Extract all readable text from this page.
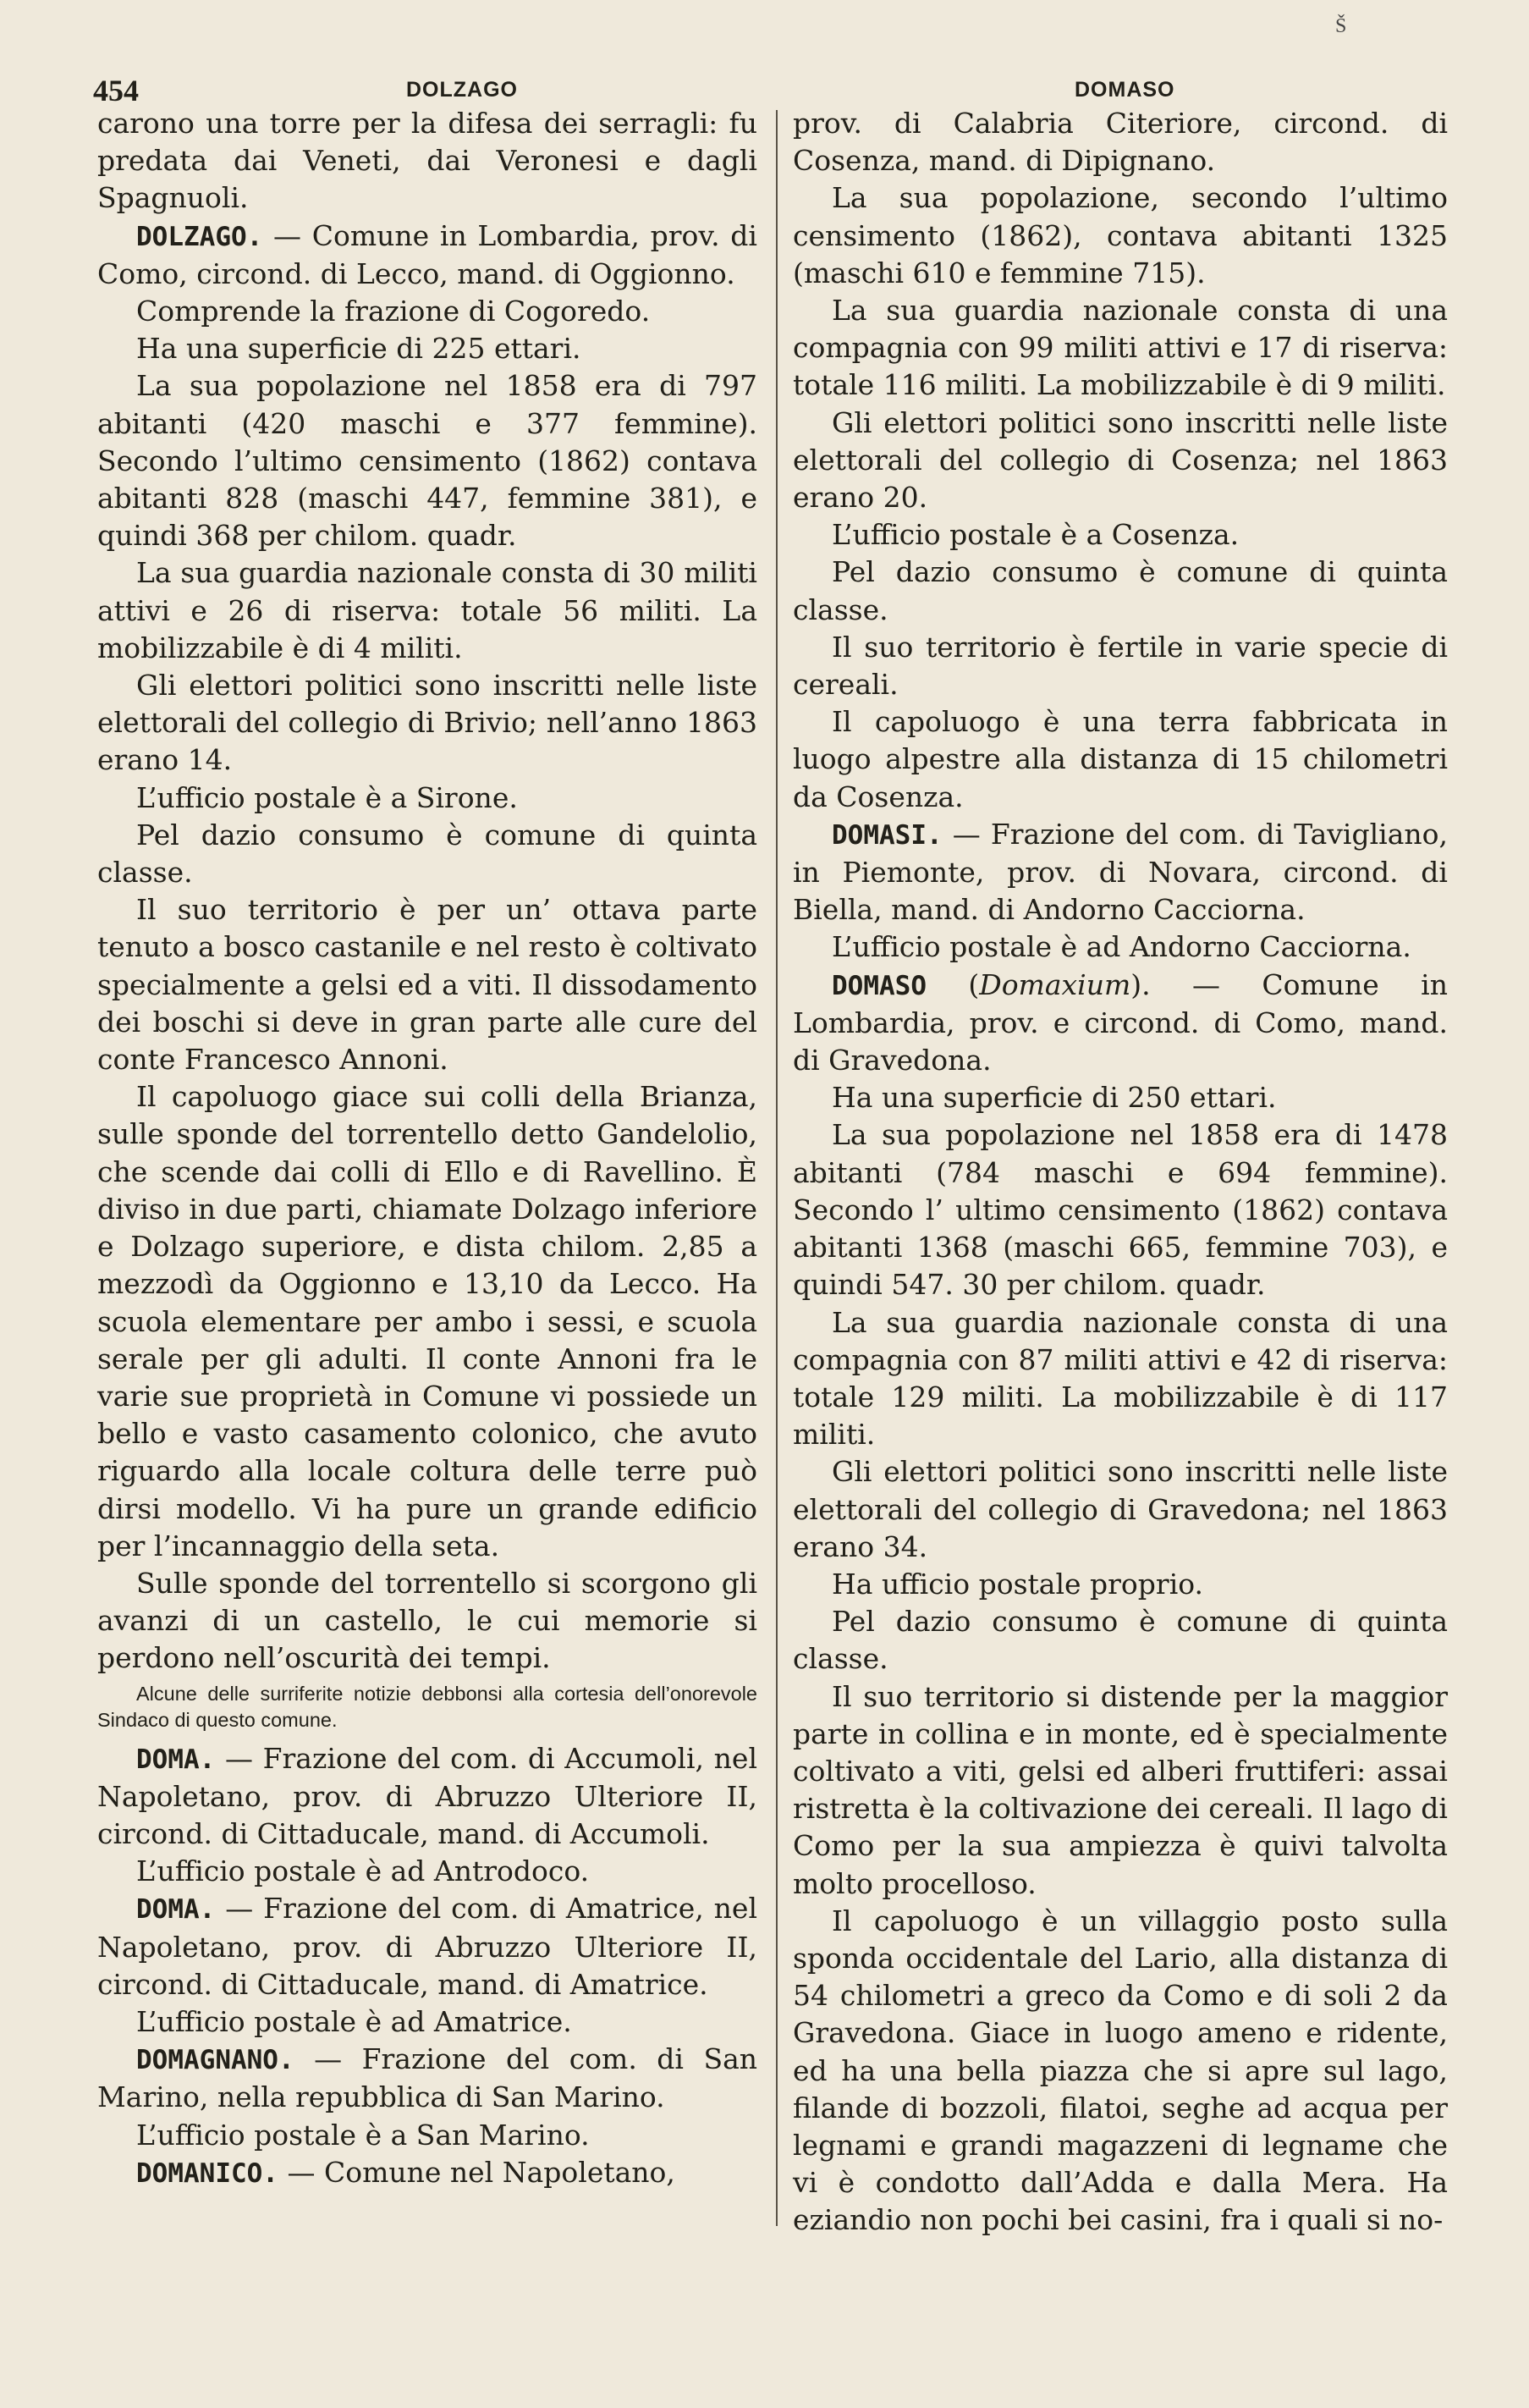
Š
454	DOLZAGO	DOMASO

carono una torre per la difesa dei serragli: fu predata dai Veneti, dai Veronesi e dagli Spagnuoli.

DOLZAGO. — Comune in Lombardia, prov. di Como, circond. di Lecco, mand. di Oggionno.

Comprende la frazione di Cogoredo.

Ha una superficie di 225 ettari.

La sua popolazione nel 1858 era di 797 abitanti (420 maschi e 377 femmine). Secondo l’ultimo censimento (1862) contava abitanti 828 (maschi 447, femmine 381), e quindi 368 per chilom. quadr.

La sua guardia nazionale consta di 30 militi attivi e 26 di riserva: totale 56 militi. La mobilizzabile è di 4 militi.

Gli elettori politici sono inscritti nelle liste elettorali del collegio di Brivio; nell’anno 1863 erano 14.

L’ufficio postale è a Sirone.

Pel dazio consumo è comune di quinta classe.

Il suo territorio è per un’ ottava parte tenuto a bosco castanile e nel resto è coltivato specialmente a gelsi ed a viti. Il dissodamento dei boschi si deve in gran parte alle cure del conte Francesco Annoni.

Il capoluogo giace sui colli della Brianza, sulle sponde del torrentello detto Gandelolio, che scende dai colli di Ello e di Ravellino. È diviso in due parti, chiamate Dolzago inferiore e Dolzago superiore, e dista chilom. 2,85 a mezzodì da Oggionno e 13,10 da Lecco. Ha scuola elementare per ambo i sessi, e scuola serale per gli adulti. Il conte Annoni fra le varie sue proprietà in Comune vi possiede un bello e vasto casamento colonico, che avuto riguardo alla locale coltura delle terre può dirsi modello. Vi ha pure un grande edificio per l’incannaggio della seta.

Sulle sponde del torrentello si scorgono gli avanzi di un castello, le cui memorie si perdono nell’oscurità dei tempi.

Alcune delle surriferite notizie debbonsi alla cortesia dell’onorevole Sindaco di questo comune.

DOMA. — Frazione del com. di Accumoli, nel Napoletano, prov. di Abruzzo Ulteriore II, circond. di Cittaducale, mand. di Accumoli.

L’ufficio postale è ad Antrodoco.

DOMA. — Frazione del com. di Amatrice, nel Napoletano, prov. di Abruzzo Ulteriore II, circond. di Cittaducale, mand. di Amatrice.

L’ufficio postale è ad Amatrice.

DOMAGNANO. — Frazione del com. di San Marino, nella repubblica di San Marino.

L’ufficio postale è a San Marino.

DOMANICO. — Comune nel Napoletano,

prov. di Calabria Citeriore, circond. di Cosenza, mand. di Dipignano.

La sua popolazione, secondo l’ultimo censimento (1862), contava abitanti 1325 (maschi 610 e femmine 715).

La sua guardia nazionale consta di una compagnia con 99 militi attivi e 17 di riserva: totale 116 militi. La mobilizzabile è di 9 militi.

Gli elettori politici sono inscritti nelle liste elettorali del collegio di Cosenza; nel 1863 erano 20.

L’ufficio postale è a Cosenza.

Pel dazio consumo è comune di quinta classe.

Il suo territorio è fertile in varie specie di cereali.

Il capoluogo è una terra fabbricata in luogo alpestre alla distanza di 15 chilometri da Cosenza.

DOMASI. — Frazione del com. di Tavigliano, in Piemonte, prov. di Novara, circond. di Biella, mand. di Andorno Cacciorna.

L’ufficio postale è ad Andorno Cacciorna.

DOMASO (Domaxium). — Comune in Lombardia, prov. e circond. di Como, mand. di Gravedona.

Ha una superficie di 250 ettari.

La sua popolazione nel 1858 era di 1478 abitanti (784 maschi e 694 femmine). Secondo l’ ultimo censimento (1862) contava abitanti 1368 (maschi 665, femmine 703), e quindi 547. 30 per chilom. quadr.

La sua guardia nazionale consta di una compagnia con 87 militi attivi e 42 di riserva: totale 129 militi. La mobilizzabile è di 117 militi.

Gli elettori politici sono inscritti nelle liste elettorali del collegio di Gravedona; nel 1863 erano 34.

Ha ufficio postale proprio.

Pel dazio consumo è comune di quinta classe.

Il suo territorio si distende per la maggior parte in collina e in monte, ed è specialmente coltivato a viti, gelsi ed alberi fruttiferi: assai ristretta è la coltivazione dei cereali. Il lago di Como per la sua ampiezza è quivi talvolta molto procelloso.

Il capoluogo è un villaggio posto sulla sponda occidentale del Lario, alla distanza di 54 chilometri a greco da Como e di soli 2 da Gravedona. Giace in luogo ameno e ridente, ed ha una bella piazza che si apre sul lago, filande di bozzoli, filatoi, seghe ad acqua per legnami e grandi magazzeni di legname che vi è condotto dall’Adda e dalla Mera. Ha eziandio non pochi bei casini, fra i quali si no-
